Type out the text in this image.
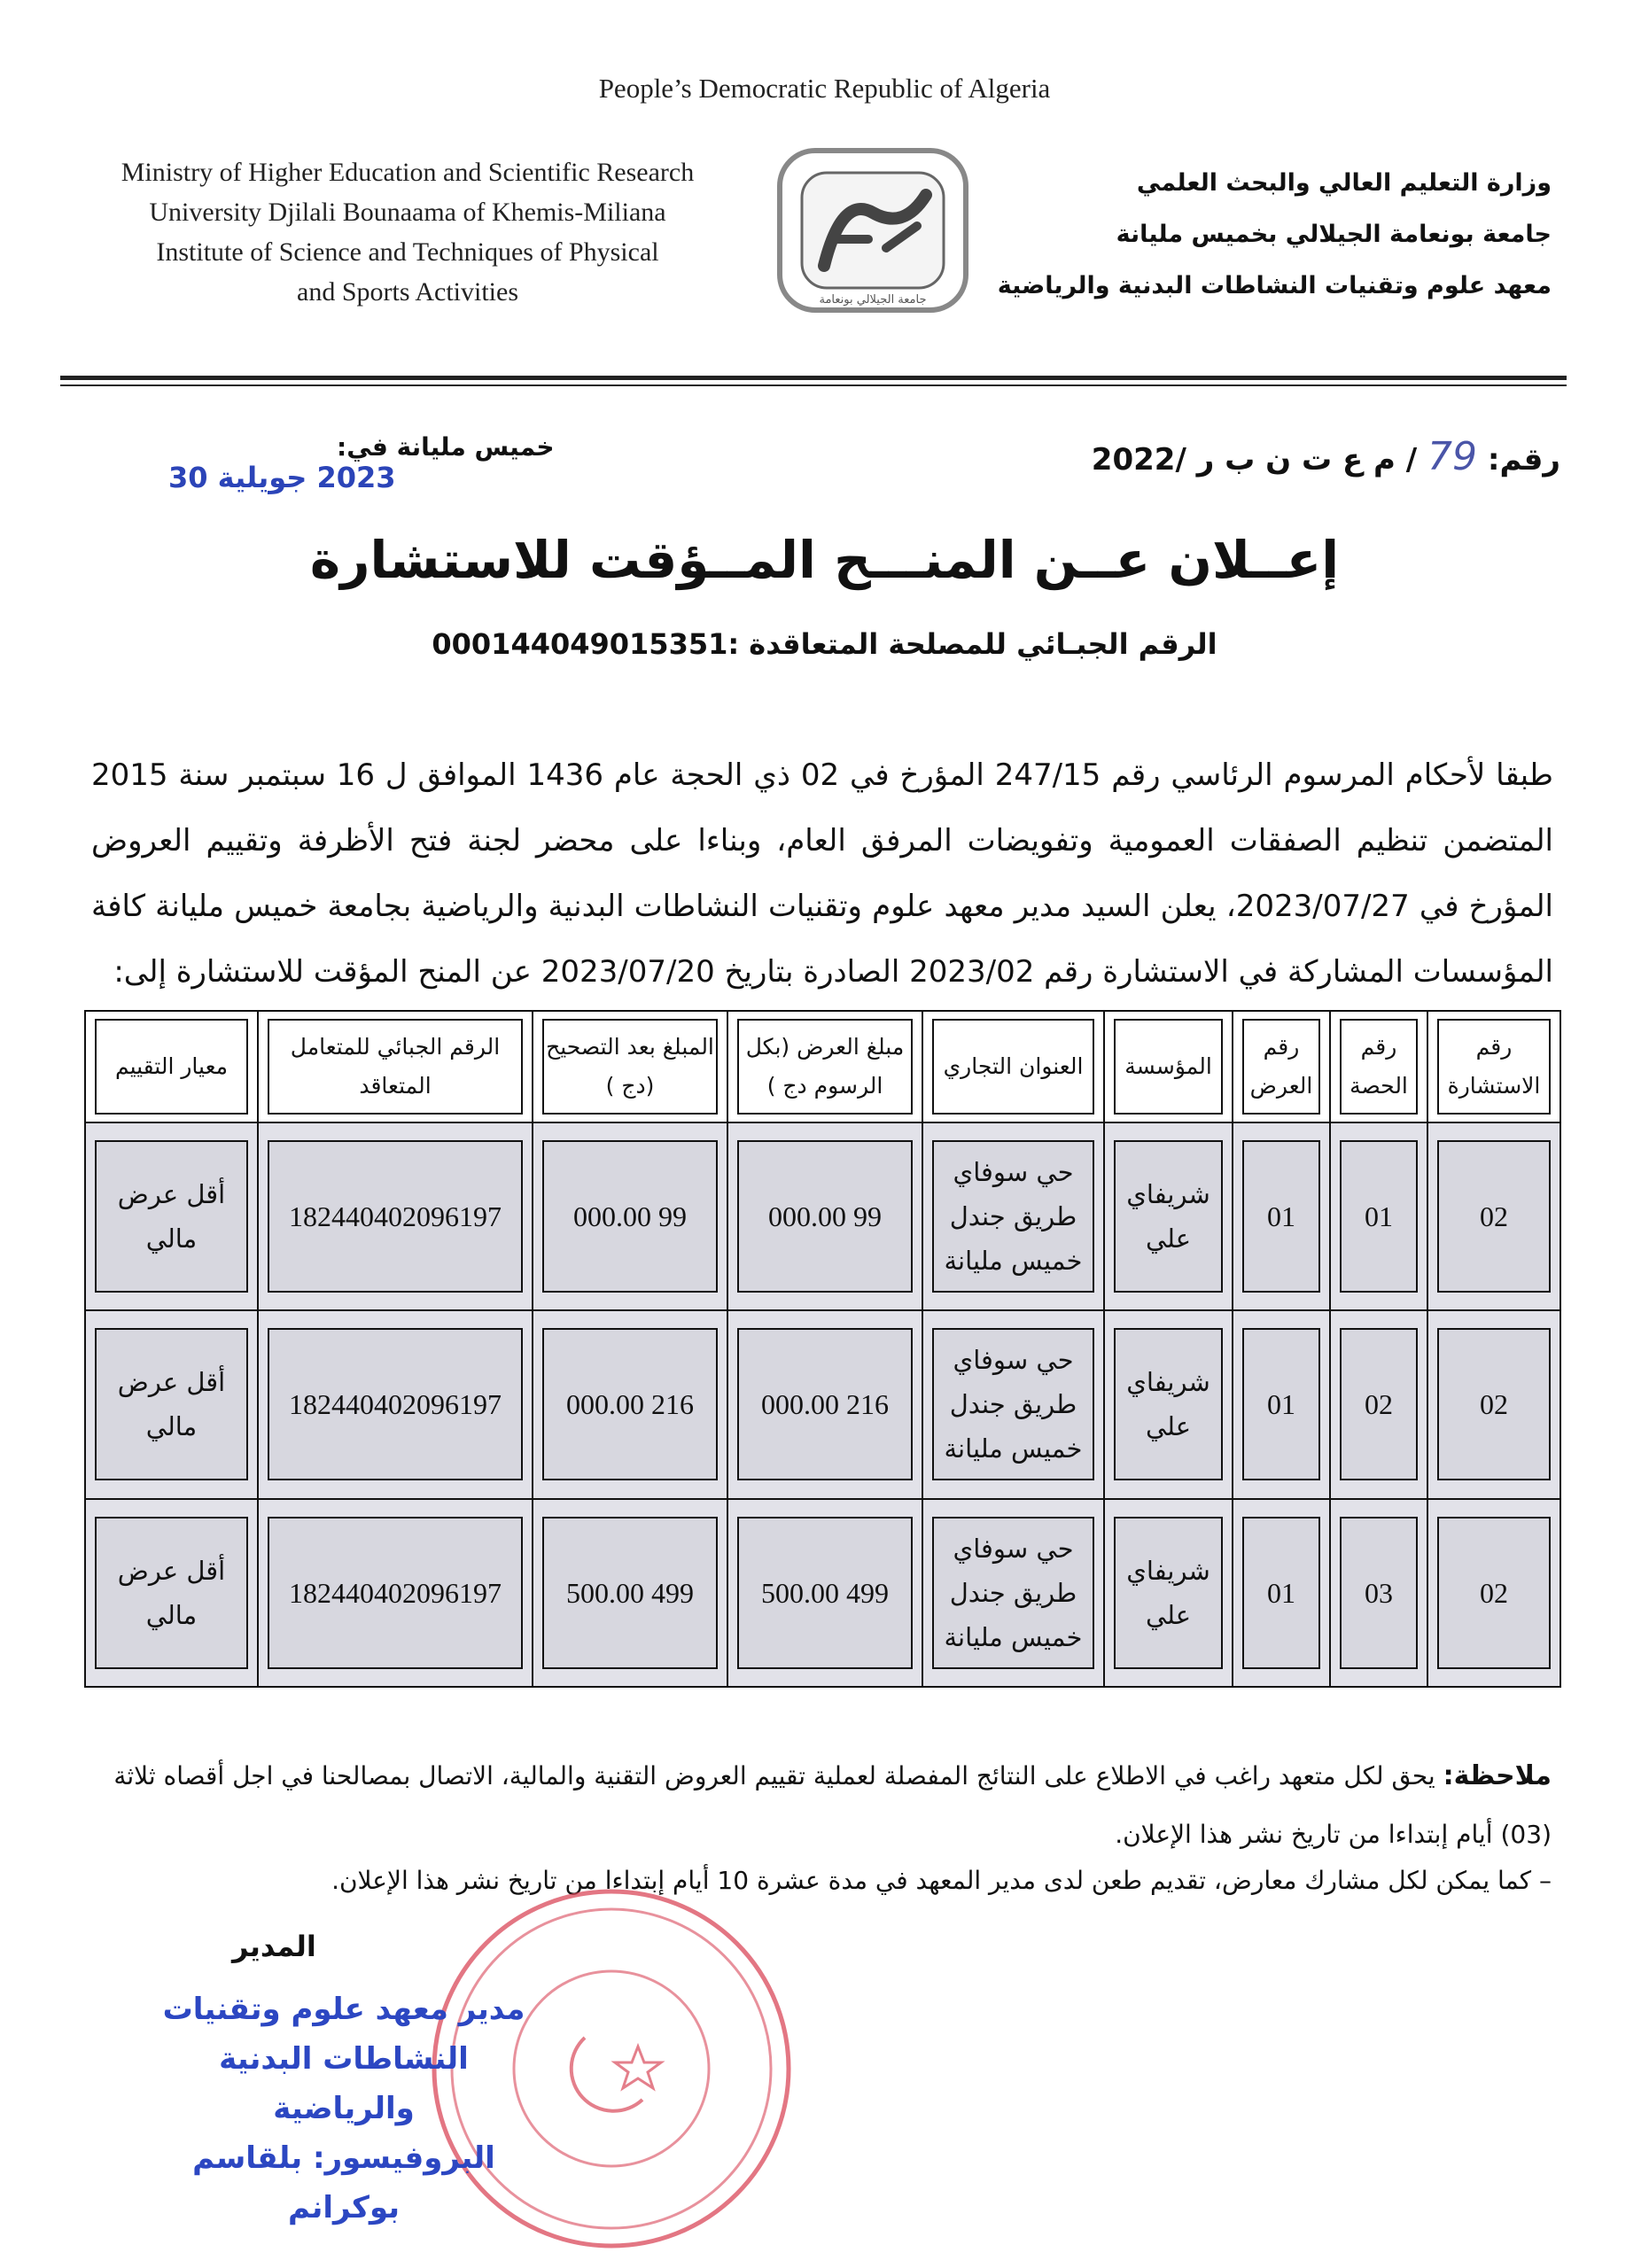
People’s Democratic Republic of Algeria
Ministry of Higher Education and Scientific Research
University Djilali Bounaama of Khemis-Miliana
Institute of Science and Techniques of Physical
and Sports Activities	جامعة الجيلالي بونعامة
وزارة التعليم العالي والبحث العلمي
جامعة بونعامة الجيلالي بخميس مليانة
معهد علوم وتقنيات النشاطات البدنية والرياضية
رقم: 79 / م ع ت ن ب ر /2022
خميس مليانة في:
2023 جويلية 30
إعــلان عــن المنـــح المــؤقت للاستشارة
الرقم الجبـائي للمصلحة المتعاقدة :000144049015351
طبقا لأحكام المرسوم الرئاسي رقم 247/15 المؤرخ في 02 ذي الحجة عام 1436 الموافق ل 16 سبتمبر سنة 2015 المتضمن تنظيم الصفقات العمومية وتفويضات المرفق العام، وبناءا على محضر لجنة فتح الأظرفة وتقييم العروض المؤرخ في 2023/07/27، يعلن السيد مدير معهد علوم وتقنيات النشاطات البدنية والرياضية بجامعة خميس مليانة كافة المؤسسات المشاركة في الاستشارة رقم 2023/02 الصادرة بتاريخ 2023/07/20 عن المنح المؤقت للاستشارة إلى:
رقم الاستشارة	رقم الحصة	رقم العرض	المؤسسة	العنوان التجاري	مبلغ العرض (بكل الرسوم دج )	المبلغ بعد التصحيح (دج )	الرقم الجبائي للمتعامل المتعاقد	معيار التقييم

02	01	01	شريفاي علي	حي سوفاي طريق جندل خميس مليانة	99 000.00	99 000.00	182440402096197	أقل عرض مالي

02	02	01	شريفاي علي	حي سوفاي طريق جندل خميس مليانة	216 000.00	216 000.00	182440402096197	أقل عرض مالي

02	03	01	شريفاي علي	حي سوفاي طريق جندل خميس مليانة	499 500.00	499 500.00	182440402096197	أقل عرض مالي
ملاحظة: يحق لكل متعهد راغب في الاطلاع على النتائج المفصلة لعملية تقييم العروض التقنية والمالية، الاتصال بمصالحنا في اجل أقصاه ثلاثة (03) أيام إبتداءا من تاريخ نشر هذا الإعلان.
– كما يمكن لكل مشارك معارض، تقديم طعن لدى مدير المعهد في مدة عشرة 10 أيام إبتداءا من تاريخ نشر هذا الإعلان.
المدير
مدير معهد علوم وتقنيات
النشاطات البدنية والرياضية
البروفيسور: بلقاسم بوكرانم
